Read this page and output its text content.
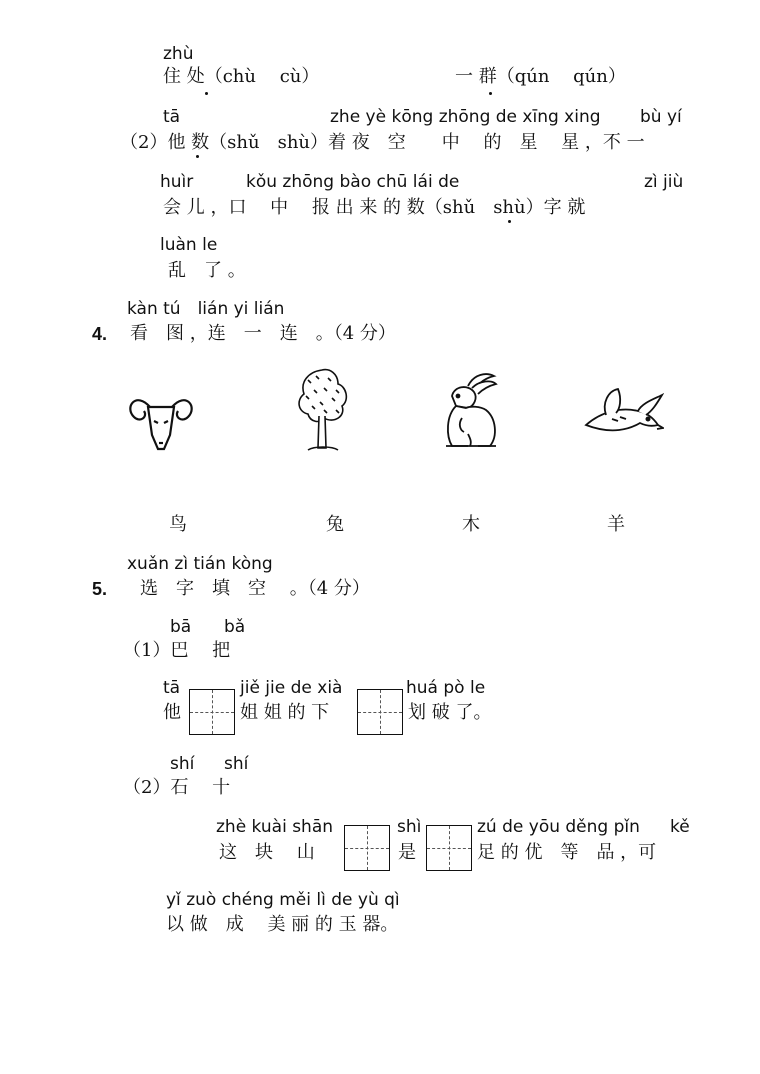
zhù
住 处（chù　 cù）	一 群（qún　 qún）
tā	zhe yè kōng zhōng de xīng xing bù yí
（2）他 数（shǔ　shù）着 夜　空　　中　 的　星　 星 ，不 一
huìr	kǒu zhōng bào chū lái de	zì jiù
会 儿 ，口　 中　 报 出 来 的 数（shǔ　shù）字 就
luàn le
乱　了 。
kàn tú　lián yi lián
4. 看　图 ，连　一　连　。（4 分）
鸟	兔	木	羊
xuǎn zì tián kòng
5. 选　字　填　空　 。（4 分）
bā bǎ
（1）巴　 把
tā	jiě jie de xià	huá pò le
他	姐 姐 的 下	划 破 了。
shí shí
（2）石　 十
zhè kuài shān	shì	zú de yōu děng pǐn kě
这　块　 山	是	足 的 优　等　品 ，可
yǐ zuò chéng měi lì de yù qì
以 做　成　 美 丽 的 玉 器。
